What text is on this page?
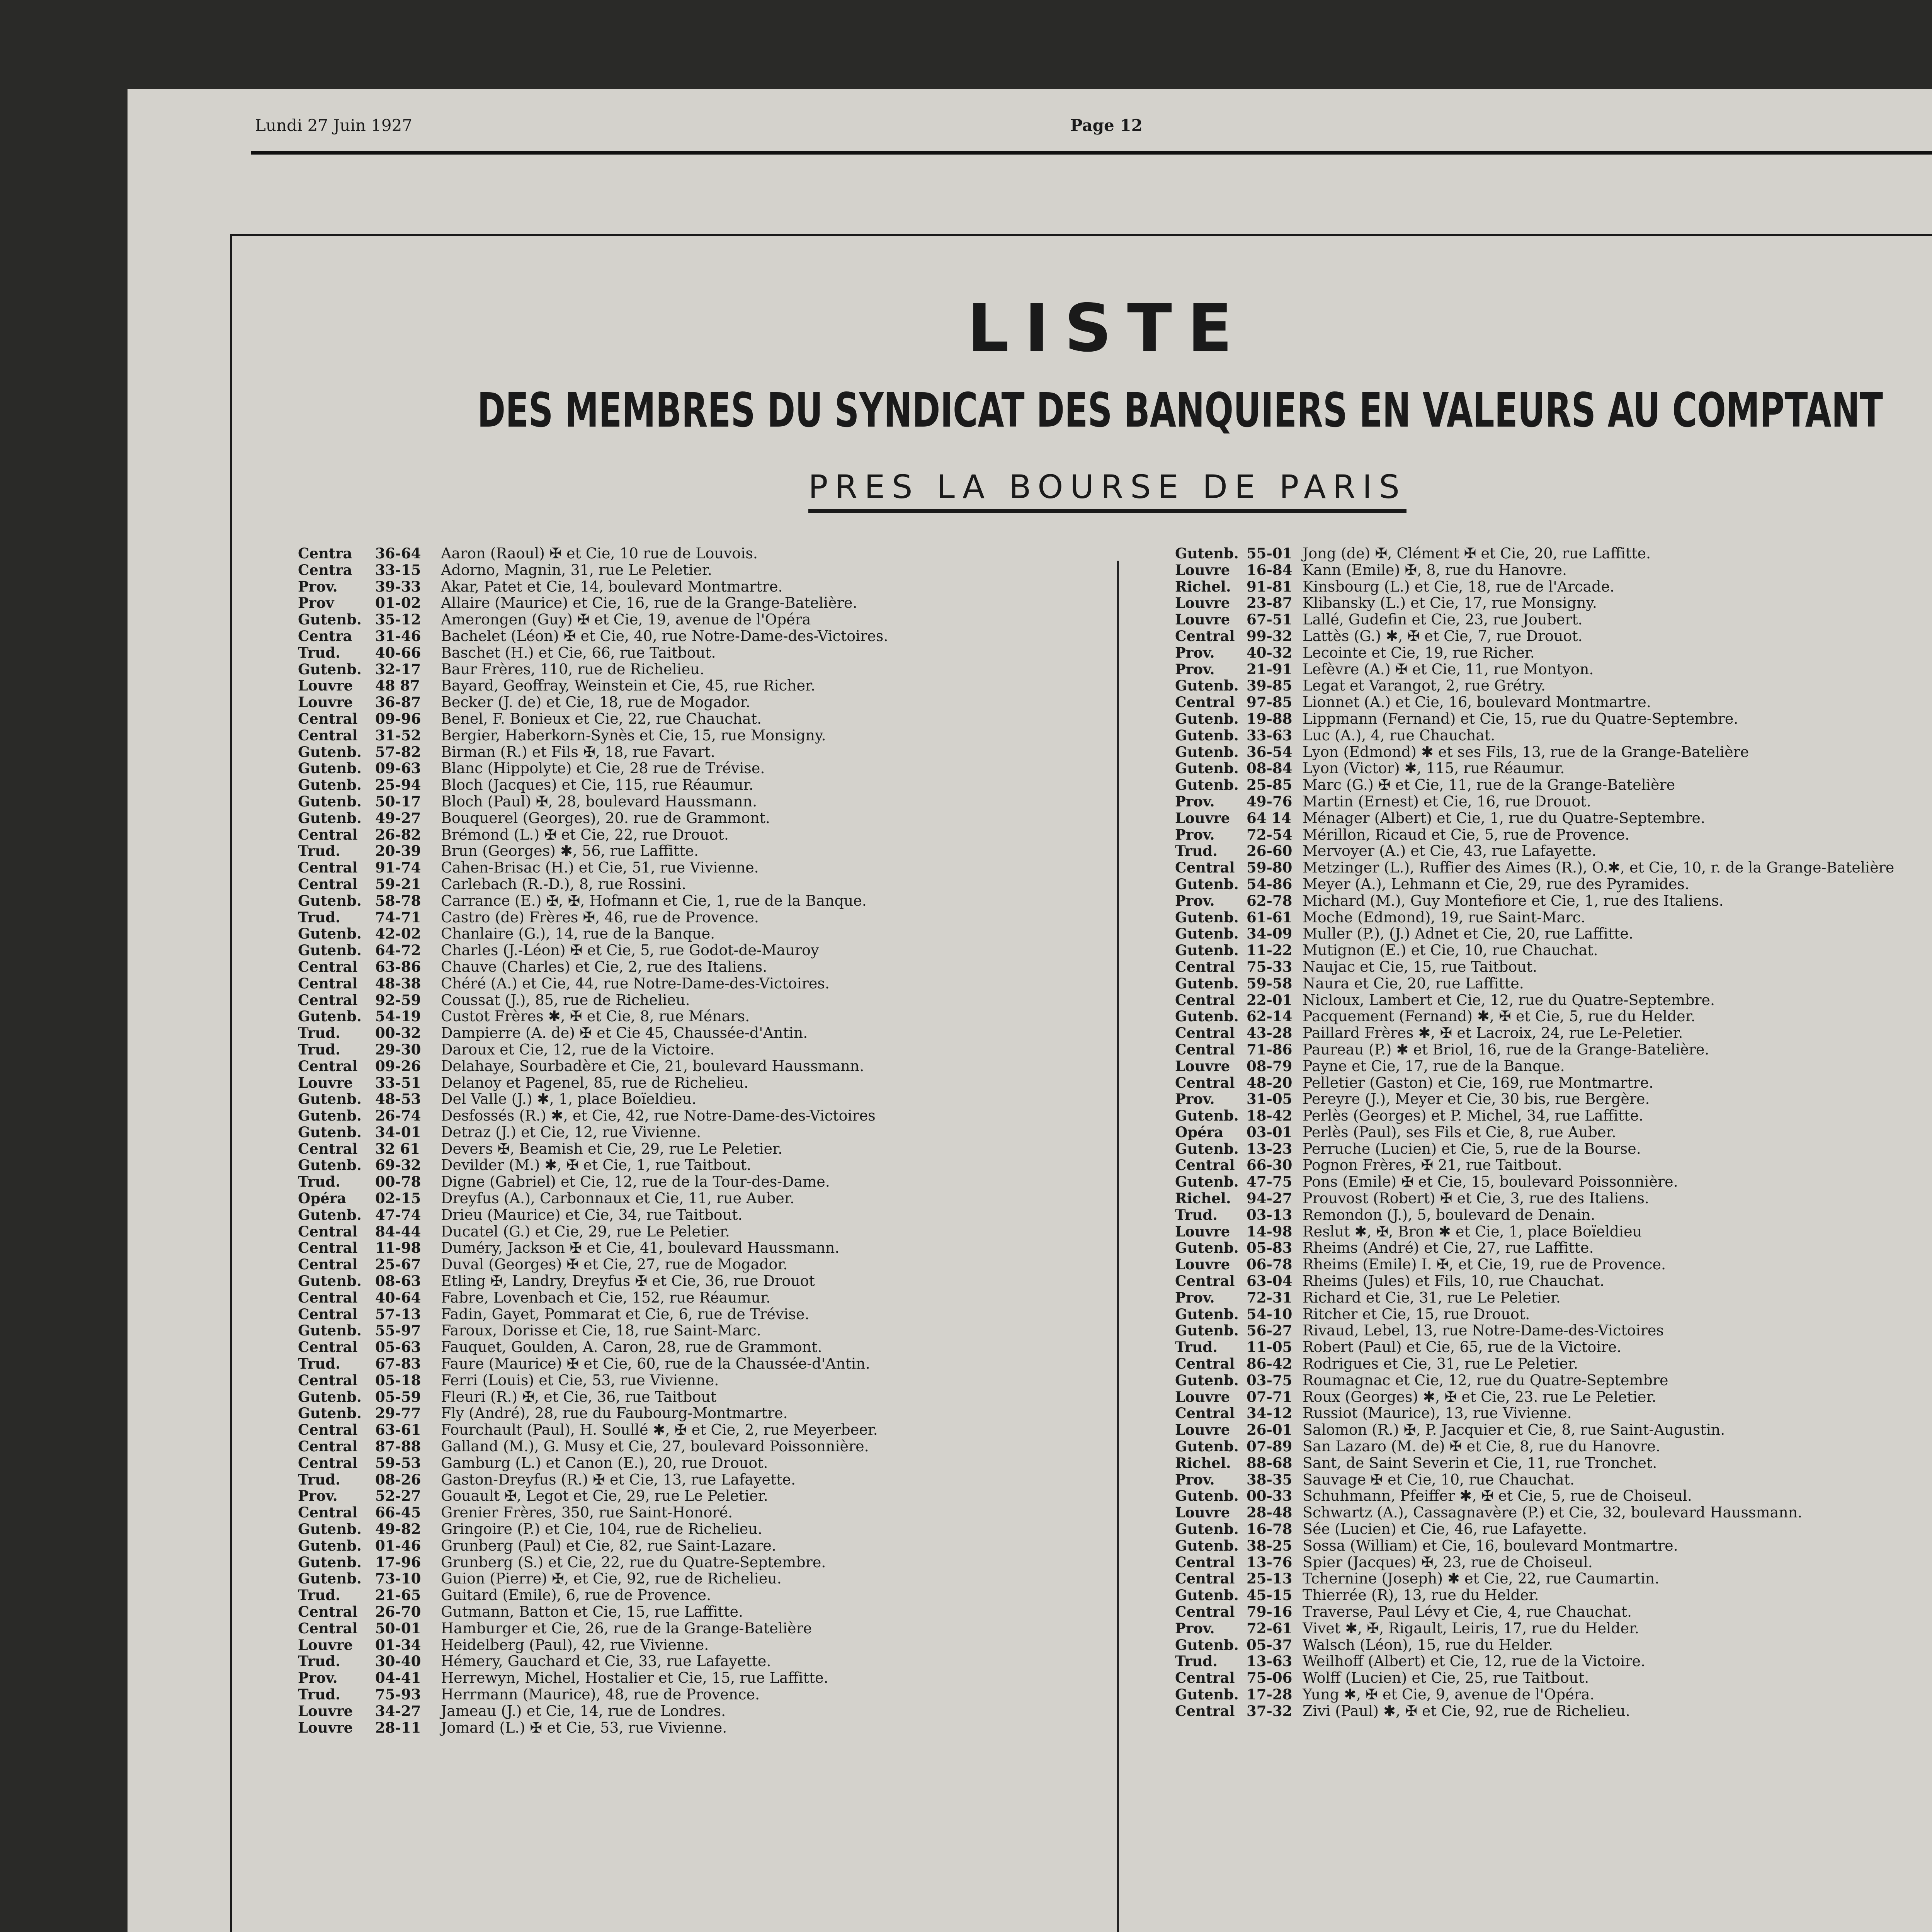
Lundi 27 Juin 1927	Page 12
LISTE
DES MEMBRES DU SYNDICAT DES BANQUIERS EN VALEURS AU COMPTANT
PRES LA BOURSE DE PARIS
Centra	36-64	Aaron (Raoul) ✠ et Cie, 10 rue de Louvois.
Centra	33-15	Adorno, Magnin, 31, rue Le Peletier.
Prov.	39-33	Akar, Patet et Cie, 14, boulevard Montmartre.
Prov	01-02	Allaire (Maurice) et Cie, 16, rue de la Grange-Batelière.
Gutenb. 35-12	Amerongen (Guy) ✠ et Cie, 19, avenue de l'Opéra
Centra	31-46	Bachelet (Léon) ✠ et Cie, 40, rue Notre-Dame-des-Victoires.
Trud.	40-66	Baschet (H.) et Cie, 66, rue Taitbout.
Gutenb. 32-17	Baur Frères, 110, rue de Richelieu.
Louvre	48 87	Bayard, Geoffray, Weinstein et Cie, 45, rue Richer.
Louvre	36-87	Becker (J. de) et Cie, 18, rue de Mogador.
Central	09-96	Benel, F. Bonieux et Cie, 22, rue Chauchat.
Central	31-52	Bergier, Haberkorn-Synès et Cie, 15, rue Monsigny.
Gutenb. 57-82	Birman (R.) et Fils ✠, 18, rue Favart.
Gutenb. 09-63	Blanc (Hippolyte) et Cie, 28 rue de Trévise.
Gutenb. 25-94	Bloch (Jacques) et Cie, 115, rue Réaumur.
Gutenb. 50-17	Bloch (Paul) ✠, 28, boulevard Haussmann.
Gutenb. 49-27	Bouquerel (Georges), 20. rue de Grammont.
Central	26-82	Brémond (L.) ✠ et Cie, 22, rue Drouot.
Trud.	20-39	Brun (Georges) ✱, 56, rue Laffitte.
Central	91-74	Cahen-Brisac (H.) et Cie, 51, rue Vivienne.
Central	59-21	Carlebach (R.-D.), 8, rue Rossini.
Gutenb. 58-78	Carrance (E.) ✠, ✠, Hofmann et Cie, 1, rue de la Banque.
Trud.	74-71	Castro (de) Frères ✠, 46, rue de Provence.
Gutenb. 42-02	Chanlaire (G.), 14, rue de la Banque.
Gutenb. 64-72	Charles (J.-Léon) ✠ et Cie, 5, rue Godot-de-Mauroy
Central	63-86	Chauve (Charles) et Cie, 2, rue des Italiens.
Central	48-38	Chéré (A.) et Cie, 44, rue Notre-Dame-des-Victoires.
Central	92-59	Coussat (J.), 85, rue de Richelieu.
Gutenb. 54-19	Custot Frères ✱, ✠ et Cie, 8, rue Ménars.
Trud.	00-32	Dampierre (A. de) ✠ et Cie 45, Chaussée-d'Antin.
Trud.	29-30	Daroux et Cie, 12, rue de la Victoire.
Central	09-26	Delahaye, Sourbadère et Cie, 21, boulevard Haussmann.
Louvre	33-51	Delanoy et Pagenel, 85, rue de Richelieu.
Gutenb. 48-53	Del Valle (J.) ✱, 1, place Boïeldieu.
Gutenb. 26-74	Desfossés (R.) ✱, et Cie, 42, rue Notre-Dame-des-Victoires
Gutenb. 34-01	Detraz (J.) et Cie, 12, rue Vivienne.
Central	32 61	Devers ✠, Beamish et Cie, 29, rue Le Peletier.
Gutenb. 69-32	Devilder (M.) ✱, ✠ et Cie, 1, rue Taitbout.
Trud.	00-78	Digne (Gabriel) et Cie, 12, rue de la Tour-des-Dame.
Opéra	02-15	Dreyfus (A.), Carbonnaux et Cie, 11, rue Auber.
Gutenb. 47-74	Drieu (Maurice) et Cie, 34, rue Taitbout.
Central	84-44	Ducatel (G.) et Cie, 29, rue Le Peletier.
Central	11-98	Duméry, Jackson ✠ et Cie, 41, boulevard Haussmann.
Central	25-67	Duval (Georges) ✠ et Cie, 27, rue de Mogador.
Gutenb. 08-63	Etling ✠, Landry, Dreyfus ✠ et Cie, 36, rue Drouot
Central	40-64	Fabre, Lovenbach et Cie, 152, rue Réaumur.
Central	57-13	Fadin, Gayet, Pommarat et Cie, 6, rue de Trévise.
Gutenb. 55-97	Faroux, Dorisse et Cie, 18, rue Saint-Marc.
Central	05-63	Fauquet, Goulden, A. Caron, 28, rue de Grammont.
Trud.	67-83	Faure (Maurice) ✠ et Cie, 60, rue de la Chaussée-d'Antin.
Central	05-18	Ferri (Louis) et Cie, 53, rue Vivienne.
Gutenb. 05-59	Fleuri (R.) ✠, et Cie, 36, rue Taitbout
Gutenb. 29-77	Fly (André), 28, rue du Faubourg-Montmartre.
Central	63-61	Fourchault (Paul), H. Soullé ✱, ✠ et Cie, 2, rue Meyerbeer.
Central	87-88	Galland (M.), G. Musy et Cie, 27, boulevard Poissonnière.
Central	59-53	Gamburg (L.) et Canon (E.), 20, rue Drouot.
Trud.	08-26	Gaston-Dreyfus (R.) ✠ et Cie, 13, rue Lafayette.
Prov.	52-27	Gouault ✠, Legot et Cie, 29, rue Le Peletier.
Central	66-45	Grenier Frères, 350, rue Saint-Honoré.
Gutenb. 49-82	Gringoire (P.) et Cie, 104, rue de Richelieu.
Gutenb. 01-46	Grunberg (Paul) et Cie, 82, rue Saint-Lazare.
Gutenb. 17-96	Grunberg (S.) et Cie, 22, rue du Quatre-Septembre.
Gutenb. 73-10	Guion (Pierre) ✠, et Cie, 92, rue de Richelieu.
Trud.	21-65	Guitard (Emile), 6, rue de Provence.
Central	26-70	Gutmann, Batton et Cie, 15, rue Laffitte.
Central	50-01	Hamburger et Cie, 26, rue de la Grange-Batelière
Louvre	01-34	Heidelberg (Paul), 42, rue Vivienne.
Trud.	30-40	Hémery, Gauchard et Cie, 33, rue Lafayette.
Prov.	04-41	Herrewyn, Michel, Hostalier et Cie, 15, rue Laffitte.
Trud.	75-93	Herrmann (Maurice), 48, rue de Provence.
Louvre	34-27	Jameau (J.) et Cie, 14, rue de Londres.
Louvre	28-11	Jomard (L.) ✠ et Cie, 53, rue Vivienne.
Gutenb. 55-01 Jong (de) ✠, Clément ✠ et Cie, 20, rue Laffitte.
Louvre	16-84 Kann (Emile) ✠, 8, rue du Hanovre.
Richel.	91-81 Kinsbourg (L.) et Cie, 18, rue de l'Arcade.
Louvre	23-87 Klibansky (L.) et Cie, 17, rue Monsigny.
Louvre	67-51 Lallé, Gudefin et Cie, 23, rue Joubert.
Central 99-32 Lattès (G.) ✱, ✠ et Cie, 7, rue Drouot.
Prov.	40-32 Lecointe et Cie, 19, rue Richer.
Prov.	21-91 Lefèvre (A.) ✠ et Cie, 11, rue Montyon.
Gutenb. 39-85 Legat et Varangot, 2, rue Grétry.
Central 97-85 Lionnet (A.) et Cie, 16, boulevard Montmartre.
Gutenb. 19-88 Lippmann (Fernand) et Cie, 15, rue du Quatre-Septembre.
Gutenb. 33-63 Luc (A.), 4, rue Chauchat.
Gutenb. 36-54 Lyon (Edmond) ✱ et ses Fils, 13, rue de la Grange-Batelière
Gutenb. 08-84 Lyon (Victor) ✱, 115, rue Réaumur.
Gutenb. 25-85 Marc (G.) ✠ et Cie, 11, rue de la Grange-Batelière
Prov.	49-76 Martin (Ernest) et Cie, 16, rue Drouot.
Louvre	64 14 Ménager (Albert) et Cie, 1, rue du Quatre-Septembre.
Prov.	72-54 Mérillon, Ricaud et Cie, 5, rue de Provence.
Trud.	26-60 Mervoyer (A.) et Cie, 43, rue Lafayette.
Central 59-80 Metzinger (L.), Ruffier des Aimes (R.), O.✱, et Cie, 10, r. de la Grange-Batelière
Gutenb. 54-86 Meyer (A.), Lehmann et Cie, 29, rue des Pyramides.
Prov.	62-78 Michard (M.), Guy Montefiore et Cie, 1, rue des Italiens.
Gutenb. 61-61 Moche (Edmond), 19, rue Saint-Marc.
Gutenb. 34-09 Muller (P.), (J.) Adnet et Cie, 20, rue Laffitte.
Gutenb. 11-22 Mutignon (E.) et Cie, 10, rue Chauchat.
Central 75-33 Naujac et Cie, 15, rue Taitbout.
Gutenb. 59-58 Naura et Cie, 20, rue Laffitte.
Central 22-01 Nicloux, Lambert et Cie, 12, rue du Quatre-Septembre.
Gutenb. 62-14 Pacquement (Fernand) ✱, ✠ et Cie, 5, rue du Helder.
Central 43-28 Paillard Frères ✱, ✠ et Lacroix, 24, rue Le-Peletier.
Central 71-86 Paureau (P.) ✱ et Briol, 16, rue de la Grange-Batelière.
Louvre	08-79 Payne et Cie, 17, rue de la Banque.
Central 48-20 Pelletier (Gaston) et Cie, 169, rue Montmartre.
Prov.	31-05 Pereyre (J.), Meyer et Cie, 30 bis, rue Bergère.
Gutenb. 18-42 Perlès (Georges) et P. Michel, 34, rue Laffitte.
Opéra	03-01 Perlès (Paul), ses Fils et Cie, 8, rue Auber.
Gutenb. 13-23 Perruche (Lucien) et Cie, 5, rue de la Bourse.
Central 66-30 Pognon Frères, ✠ 21, rue Taitbout.
Gutenb. 47-75 Pons (Emile) ✠ et Cie, 15, boulevard Poissonnière.
Richel.	94-27 Prouvost (Robert) ✠ et Cie, 3, rue des Italiens.
Trud.	03-13 Remondon (J.), 5, boulevard de Denain.
Louvre	14-98 Reslut ✱, ✠, Bron ✱ et Cie, 1, place Boïeldieu
Gutenb. 05-83 Rheims (André) et Cie, 27, rue Laffitte.
Louvre	06-78 Rheims (Emile) I. ✠, et Cie, 19, rue de Provence.
Central 63-04 Rheims (Jules) et Fils, 10, rue Chauchat.
Prov.	72-31 Richard et Cie, 31, rue Le Peletier.
Gutenb. 54-10 Ritcher et Cie, 15, rue Drouot.
Gutenb. 56-27 Rivaud, Lebel, 13, rue Notre-Dame-des-Victoires
Trud.	11-05 Robert (Paul) et Cie, 65, rue de la Victoire.
Central 86-42 Rodrigues et Cie, 31, rue Le Peletier.
Gutenb. 03-75 Roumagnac et Cie, 12, rue du Quatre-Septembre
Louvre	07-71 Roux (Georges) ✱, ✠ et Cie, 23. rue Le Peletier.
Central 34-12 Russiot (Maurice), 13, rue Vivienne.
Louvre	26-01 Salomon (R.) ✠, P. Jacquier et Cie, 8, rue Saint-Augustin.
Gutenb. 07-89 San Lazaro (M. de) ✠ et Cie, 8, rue du Hanovre.
Richel.	88-68 Sant, de Saint Severin et Cie, 11, rue Tronchet.
Prov.	38-35 Sauvage ✠ et Cie, 10, rue Chauchat.
Gutenb. 00-33 Schuhmann, Pfeiffer ✱, ✠ et Cie, 5, rue de Choiseul.
Louvre	28-48 Schwartz (A.), Cassagnavère (P.) et Cie, 32, boulevard Haussmann.
Gutenb. 16-78 Sée (Lucien) et Cie, 46, rue Lafayette.
Gutenb. 38-25 Sossa (William) et Cie, 16, boulevard Montmartre.
Central 13-76 Spier (Jacques) ✠, 23, rue de Choiseul.
Central 25-13 Tchernine (Joseph) ✱ et Cie, 22, rue Caumartin.
Gutenb. 45-15 Thierrée (R), 13, rue du Helder.
Central 79-16 Traverse, Paul Lévy et Cie, 4, rue Chauchat.
Prov.	72-61 Vivet ✱, ✠, Rigault, Leiris, 17, rue du Helder.
Gutenb. 05-37 Walsch (Léon), 15, rue du Helder.
Trud.	13-63 Weilhoff (Albert) et Cie, 12, rue de la Victoire.
Central 75-06 Wolff (Lucien) et Cie, 25, rue Taitbout.
Gutenb. 17-28 Yung ✱, ✠ et Cie, 9, avenue de l'Opéra.
Central 37-32 Zivi (Paul) ✱, ✠ et Cie, 92, rue de Richelieu.
